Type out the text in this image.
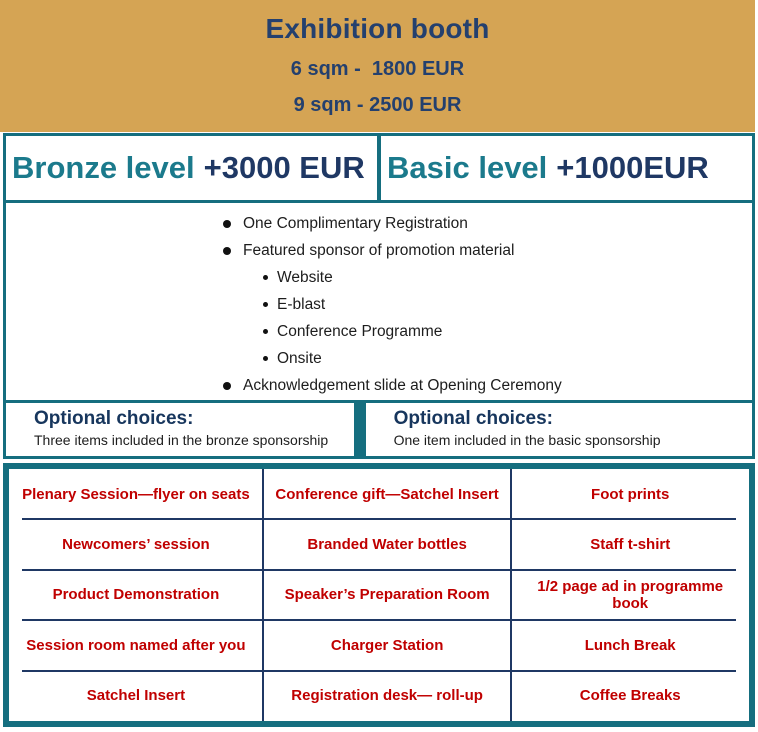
Exhibition booth
6 sqm -  1800 EUR
9 sqm - 2500 EUR
Bronze level +3000 EUR Basic level +1000EUR
One Complimentary Registration
Featured sponsor of promotion material
Website
E-blast
Conference Programme
Onsite
Acknowledgement slide at Opening Ceremony
Optional choices:
Three items included in the bronze sponsorship
Optional choices:
One item included in the basic sponsorship
Plenary Session—flyer on seats	Conference gift—Satchel Insert	Foot prints
Newcomers’ session	Branded Water bottles	Staff t-shirt
Product Demonstration	Speaker’s Preparation Room	1/2 page ad in programme book
Session room named after you	Charger Station	Lunch Break
Satchel Insert	Registration desk— roll-up	Coffee Breaks
